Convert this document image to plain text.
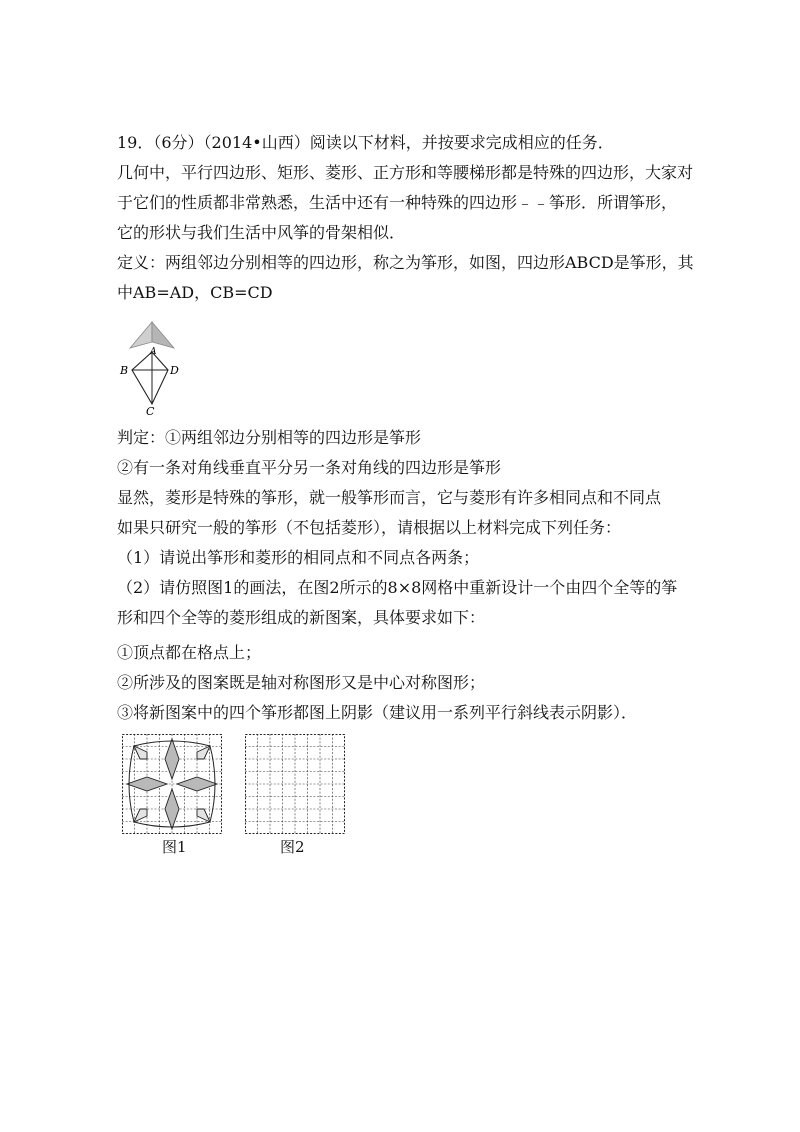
19．（6分）（2014•山西）阅读以下材料，并按要求完成相应的任务．
几何中，平行四边形、矩形、菱形、正方形和等腰梯形都是特殊的四边形，大家对
于它们的性质都非常熟悉，生活中还有一种特殊的四边形﹣﹣筝形．所谓筝形，
它的形状与我们生活中风筝的骨架相似．
定义：两组邻边分别相等的四边形，称之为筝形，如图，四边形ABCD是筝形，其
中AB=AD，CB=CD
A
B	D
C
判定：①两组邻边分别相等的四边形是筝形
②有一条对角线垂直平分另一条对角线的四边形是筝形
显然，菱形是特殊的筝形，就一般筝形而言，它与菱形有许多相同点和不同点
如果只研究一般的筝形（不包括菱形），请根据以上材料完成下列任务：
（1）请说出筝形和菱形的相同点和不同点各两条；
（2）请仿照图1的画法，在图2所示的8×8网格中重新设计一个由四个全等的筝
形和四个全等的菱形组成的新图案，具体要求如下：
①顶点都在格点上；
②所涉及的图案既是轴对称图形又是中心对称图形；
③将新图案中的四个筝形都图上阴影（建议用一系列平行斜线表示阴影）．
图1	图2
